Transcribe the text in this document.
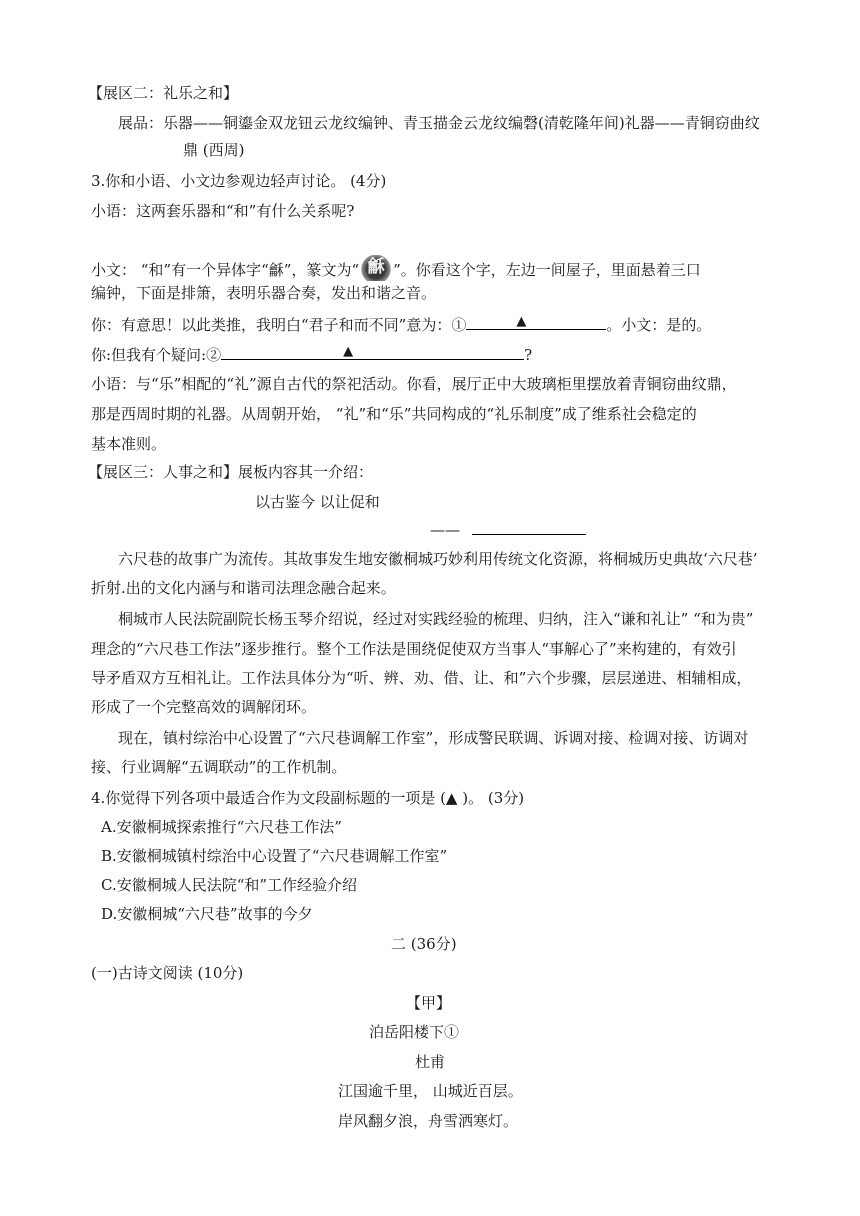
【展区二：礼乐之和】
展品：乐器——铜鎏金双龙钮云龙纹编钟、青玉描金云龙纹编磬(清乾隆年间)礼器——青铜窃曲纹
鼎 (西周)
3.你和小语、小文边参观边轻声讨论。 (4分)
小语：这两套乐器和“和”有什么关系呢?
小文： “和”有一个异体字“龢”，篆文为“ 龢 ”。你看这个字，左边一间屋子，里面悬着三口
编钟，下面是排箫，表明乐器合奏，发出和谐之音。
你：有意思！以此类推，我明白“君子和而不同”意为：①	▲	。小文：是的。
你:但我有个疑问:②	▲	?
小语：与“乐”相配的“礼”源自古代的祭祀活动。你看，展厅正中大玻璃柜里摆放着青铜窃曲纹鼎，
那是西周时期的礼器。从周朝开始， “礼”和“乐”共同构成的“礼乐制度”成了维系社会稳定的
基本准则。
【展区三：人事之和】展板内容其一介绍：
以古鉴今 以让促和
——
六尺巷的故事广为流传。其故事发生地安徽桐城巧妙利用传统文化资源，将桐城历史典故‘六尺巷’
折射.出的文化内涵与和谐司法理念融合起来。
桐城市人民法院副院长杨玉琴介绍说，经过对实践经验的梳理、归纳，注入“谦和礼让” “和为贵”
理念的“六尺巷工作法”逐步推行。整个工作法是围绕促使双方当事人“事解心了”来构建的，有效引
导矛盾双方互相礼让。工作法具体分为“听、辨、劝、借、让、和”六个步骤，层层递进、相辅相成，
形成了一个完整高效的调解闭环。
现在，镇村综治中心设置了“六尺巷调解工作室”，形成警民联调、诉调对接、检调对接、访调对
接、行业调解“五调联动”的工作机制。
4.你觉得下列各项中最适合作为文段副标题的一项是 (▲ )。 (3分)
A.安徽桐城探索推行“六尺巷工作法”
B.安徽桐城镇村综治中心设置了“六尺巷调解工作室”
C.安徽桐城人民法院“和”工作经验介绍
D.安徽桐城“六尺巷”故事的今夕
二 (36分)
(一)古诗文阅读 (10分)
【甲】
泊岳阳楼下①
杜甫
江国逾千里， 山城近百层。
岸风翻夕浪，舟雪洒寒灯。
